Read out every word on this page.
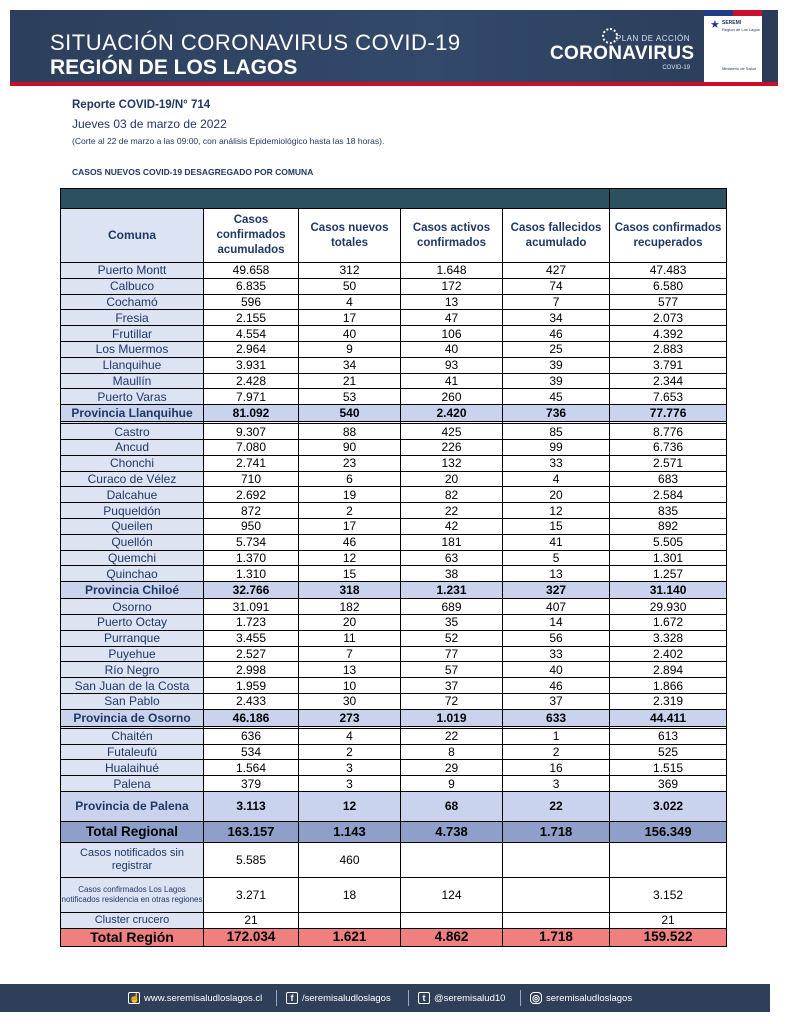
SITUACIÓN CORONAVIRUS COVID-19
REGIÓN DE LOS LAGOS
PLAN DE ACCIÓN
CORONAVIRUS
COVID-19
★ SEREMI
Región de Los Lagos
Ministerio de Salud
Reporte COVID-19/N° 714
Jueves 03 de marzo de 2022
(Corte al 22 de marzo a las 09:00, con análisis Epidemiológico hasta las 18 horas).
CASOS NUEVOS COVID-19 DESAGREGADO POR COMUNA

Comuna	Casos confirmados acumulados	Casos nuevos totales	Casos activos confirmados	Casos fallecidos acumulado	Casos confirmados recuperados
Puerto Montt	49.658	312	1.648	427	47.483
Calbuco	6.835	50	172	74	6.580
Cochamó	596	4	13	7	577
Fresia	2.155	17	47	34	2.073
Frutillar	4.554	40	106	46	4.392
Los Muermos	2.964	9	40	25	2.883
Llanquihue	3.931	34	93	39	3.791
Maullín	2.428	21	41	39	2.344
Puerto Varas	7.971	53	260	45	7.653
Provincia Llanquihue	81.092	540	2.420	736	77.776

Castro	9.307	88	425	85	8.776
Ancud	7.080	90	226	99	6.736
Chonchi	2.741	23	132	33	2.571
Curaco de Vélez	710	6	20	4	683
Dalcahue	2.692	19	82	20	2.584
Puqueldón	872	2	22	12	835
Queilen	950	17	42	15	892
Quellón	5.734	46	181	41	5.505
Quemchi	1.370	12	63	5	1.301
Quinchao	1.310	15	38	13	1.257
Provincia Chiloé	32.766	318	1.231	327	31.140
Osorno	31.091	182	689	407	29.930
Puerto Octay	1.723	20	35	14	1.672
Purranque	3.455	11	52	56	3.328
Puyehue	2.527	7	77	33	2.402
Río Negro	2.998	13	57	40	2.894
San Juan de la Costa	1.959	10	37	46	1.866
San Pablo	2.433	30	72	37	2.319
Provincia de Osorno	46.186	273	1.019	633	44.411

Chaitén	636	4	22	1	613
Futaleufú	534	2	8	2	525
Hualaihué	1.564	3	29	16	1.515
Palena	379	3	9	3	369
Provincia de Palena	3.113	12	68	22	3.022
Total Regional	163.157	1.143	4.738	1.718	156.349
Casos notificados sin registrar	5.585	460			
Casos confirmados Los Lagos notificados residencia en otras regiones	3.271	18	124		3.152
Cluster crucero	21				21
Total Región	172.034	1.621	4.862	1.718	159.522
☝ www.seremisaludloslagos.cl	f /seremisaludloslagos	t @seremisalud10	◎ seremisaludloslagos
